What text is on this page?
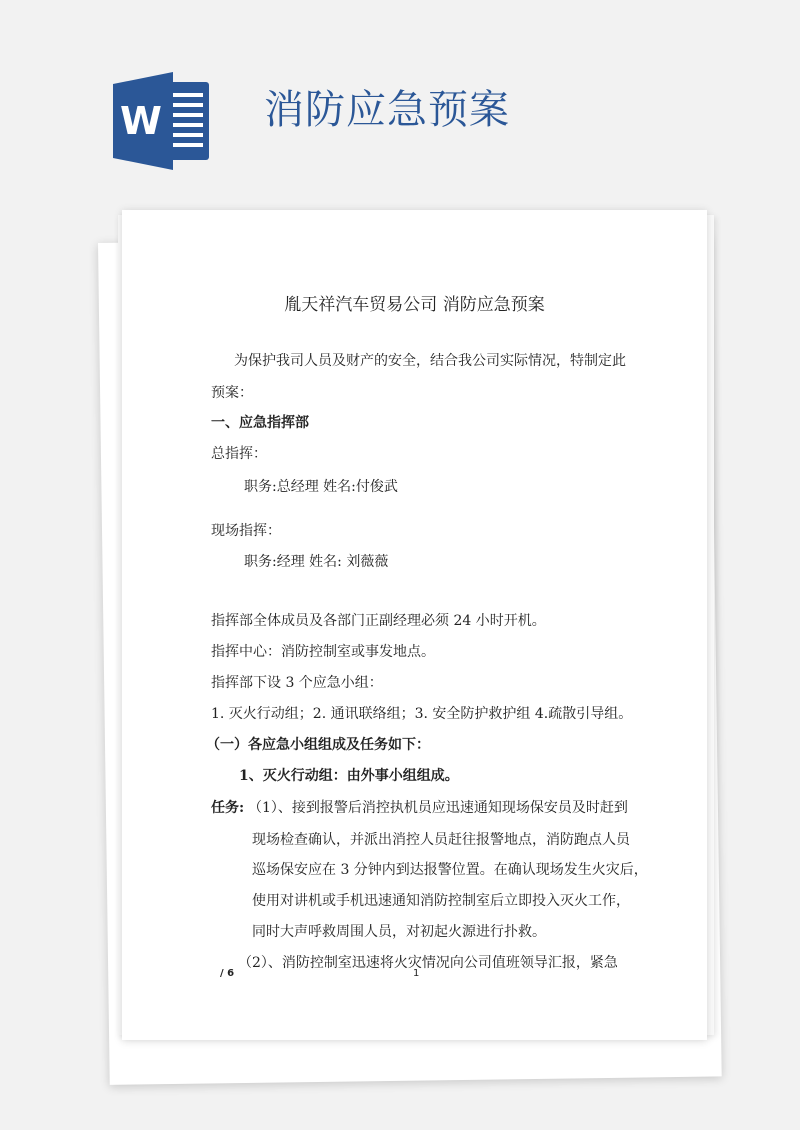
W	消防应急预案
胤天祥汽车贸易公司 消防应急预案
为保护我司人员及财产的安全，结合我公司实际情况，特制定此
预案：
一、应急指挥部
总指挥：
职务:总经理 姓名:付俊武
现场指挥：
职务:经理 姓名: 刘薇薇
指挥部全体成员及各部门正副经理必须 24 小时开机。
指挥中心：消防控制室或事发地点。
指挥部下设 3 个应急小组：
1. 灭火行动组；2. 通讯联络组；3. 安全防护救护组 4.疏散引导组。
（一）各应急小组组成及任务如下：
1、灭火行动组：由外事小组组成。
任务: （1）、接到报警后消控执机员应迅速通知现场保安员及时赶到
现场检查确认，并派出消控人员赶往报警地点，消防跑点人员
巡场保安应在 3 分钟内到达报警位置。在确认现场发生火灾后，
使用对讲机或手机迅速通知消防控制室后立即投入灭火工作，
同时大声呼救周围人员，对初起火源进行扑救。
（2）、消防控制室迅速将火灾情况向公司值班领导汇报，紧急
/ 6	1
